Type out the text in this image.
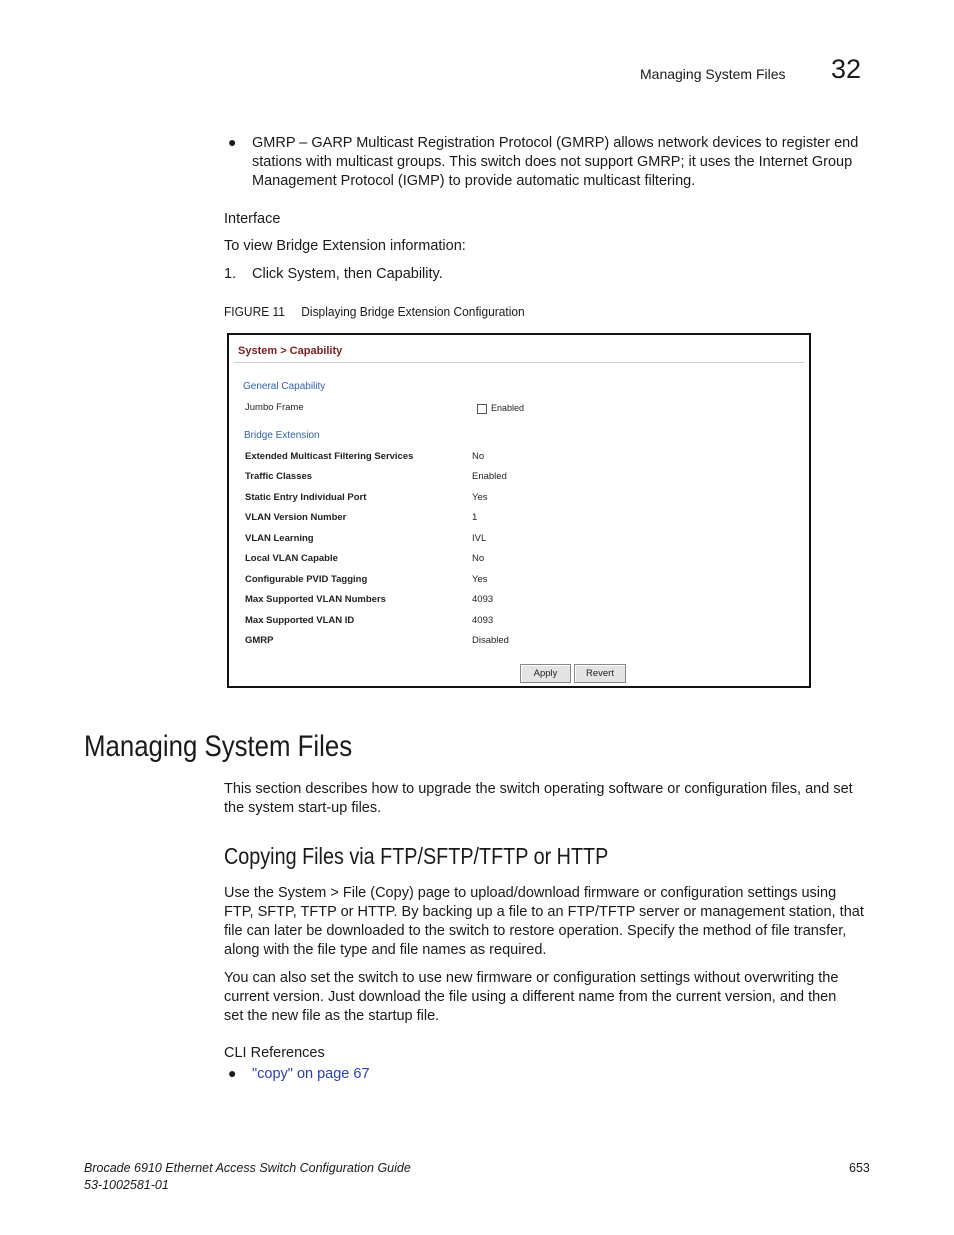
Managing System Files 32
● GMRP – GARP Multicast Registration Protocol (GMRP) allows network devices to register end
stations with multicast groups. This switch does not support GMRP; it uses the Internet Group
Management Protocol (IGMP) to provide automatic multicast filtering.
Interface
To view Bridge Extension information:
1. Click System, then Capability.
FIGURE 11 Displaying Bridge Extension Configuration
System > Capability
General Capability
Jumbo Frame	Enabled
Bridge Extension
Extended Multicast Filtering Services	No
Traffic Classes	Enabled
Static Entry Individual Port	Yes
VLAN Version Number	1
VLAN Learning	IVL
Local VLAN Capable	No
Configurable PVID Tagging	Yes
Max Supported VLAN Numbers	4093
Max Supported VLAN ID	4093
GMRP	Disabled
Apply	Revert
Managing System Files
This section describes how to upgrade the switch operating software or configuration files, and set
the system start-up files.
Copying Files via FTP/SFTP/TFTP or HTTP
Use the System > File (Copy) page to upload/download firmware or configuration settings using
FTP, SFTP, TFTP or HTTP. By backing up a file to an FTP/TFTP server or management station, that
file can later be downloaded to the switch to restore operation. Specify the method of file transfer,
along with the file type and file names as required.
You can also set the switch to use new firmware or configuration settings without overwriting the
current version. Just download the file using a different name from the current version, and then
set the new file as the startup file.
CLI References
● "copy" on page 67
Brocade 6910 Ethernet Access Switch Configuration Guide
53-1002581-01
653
